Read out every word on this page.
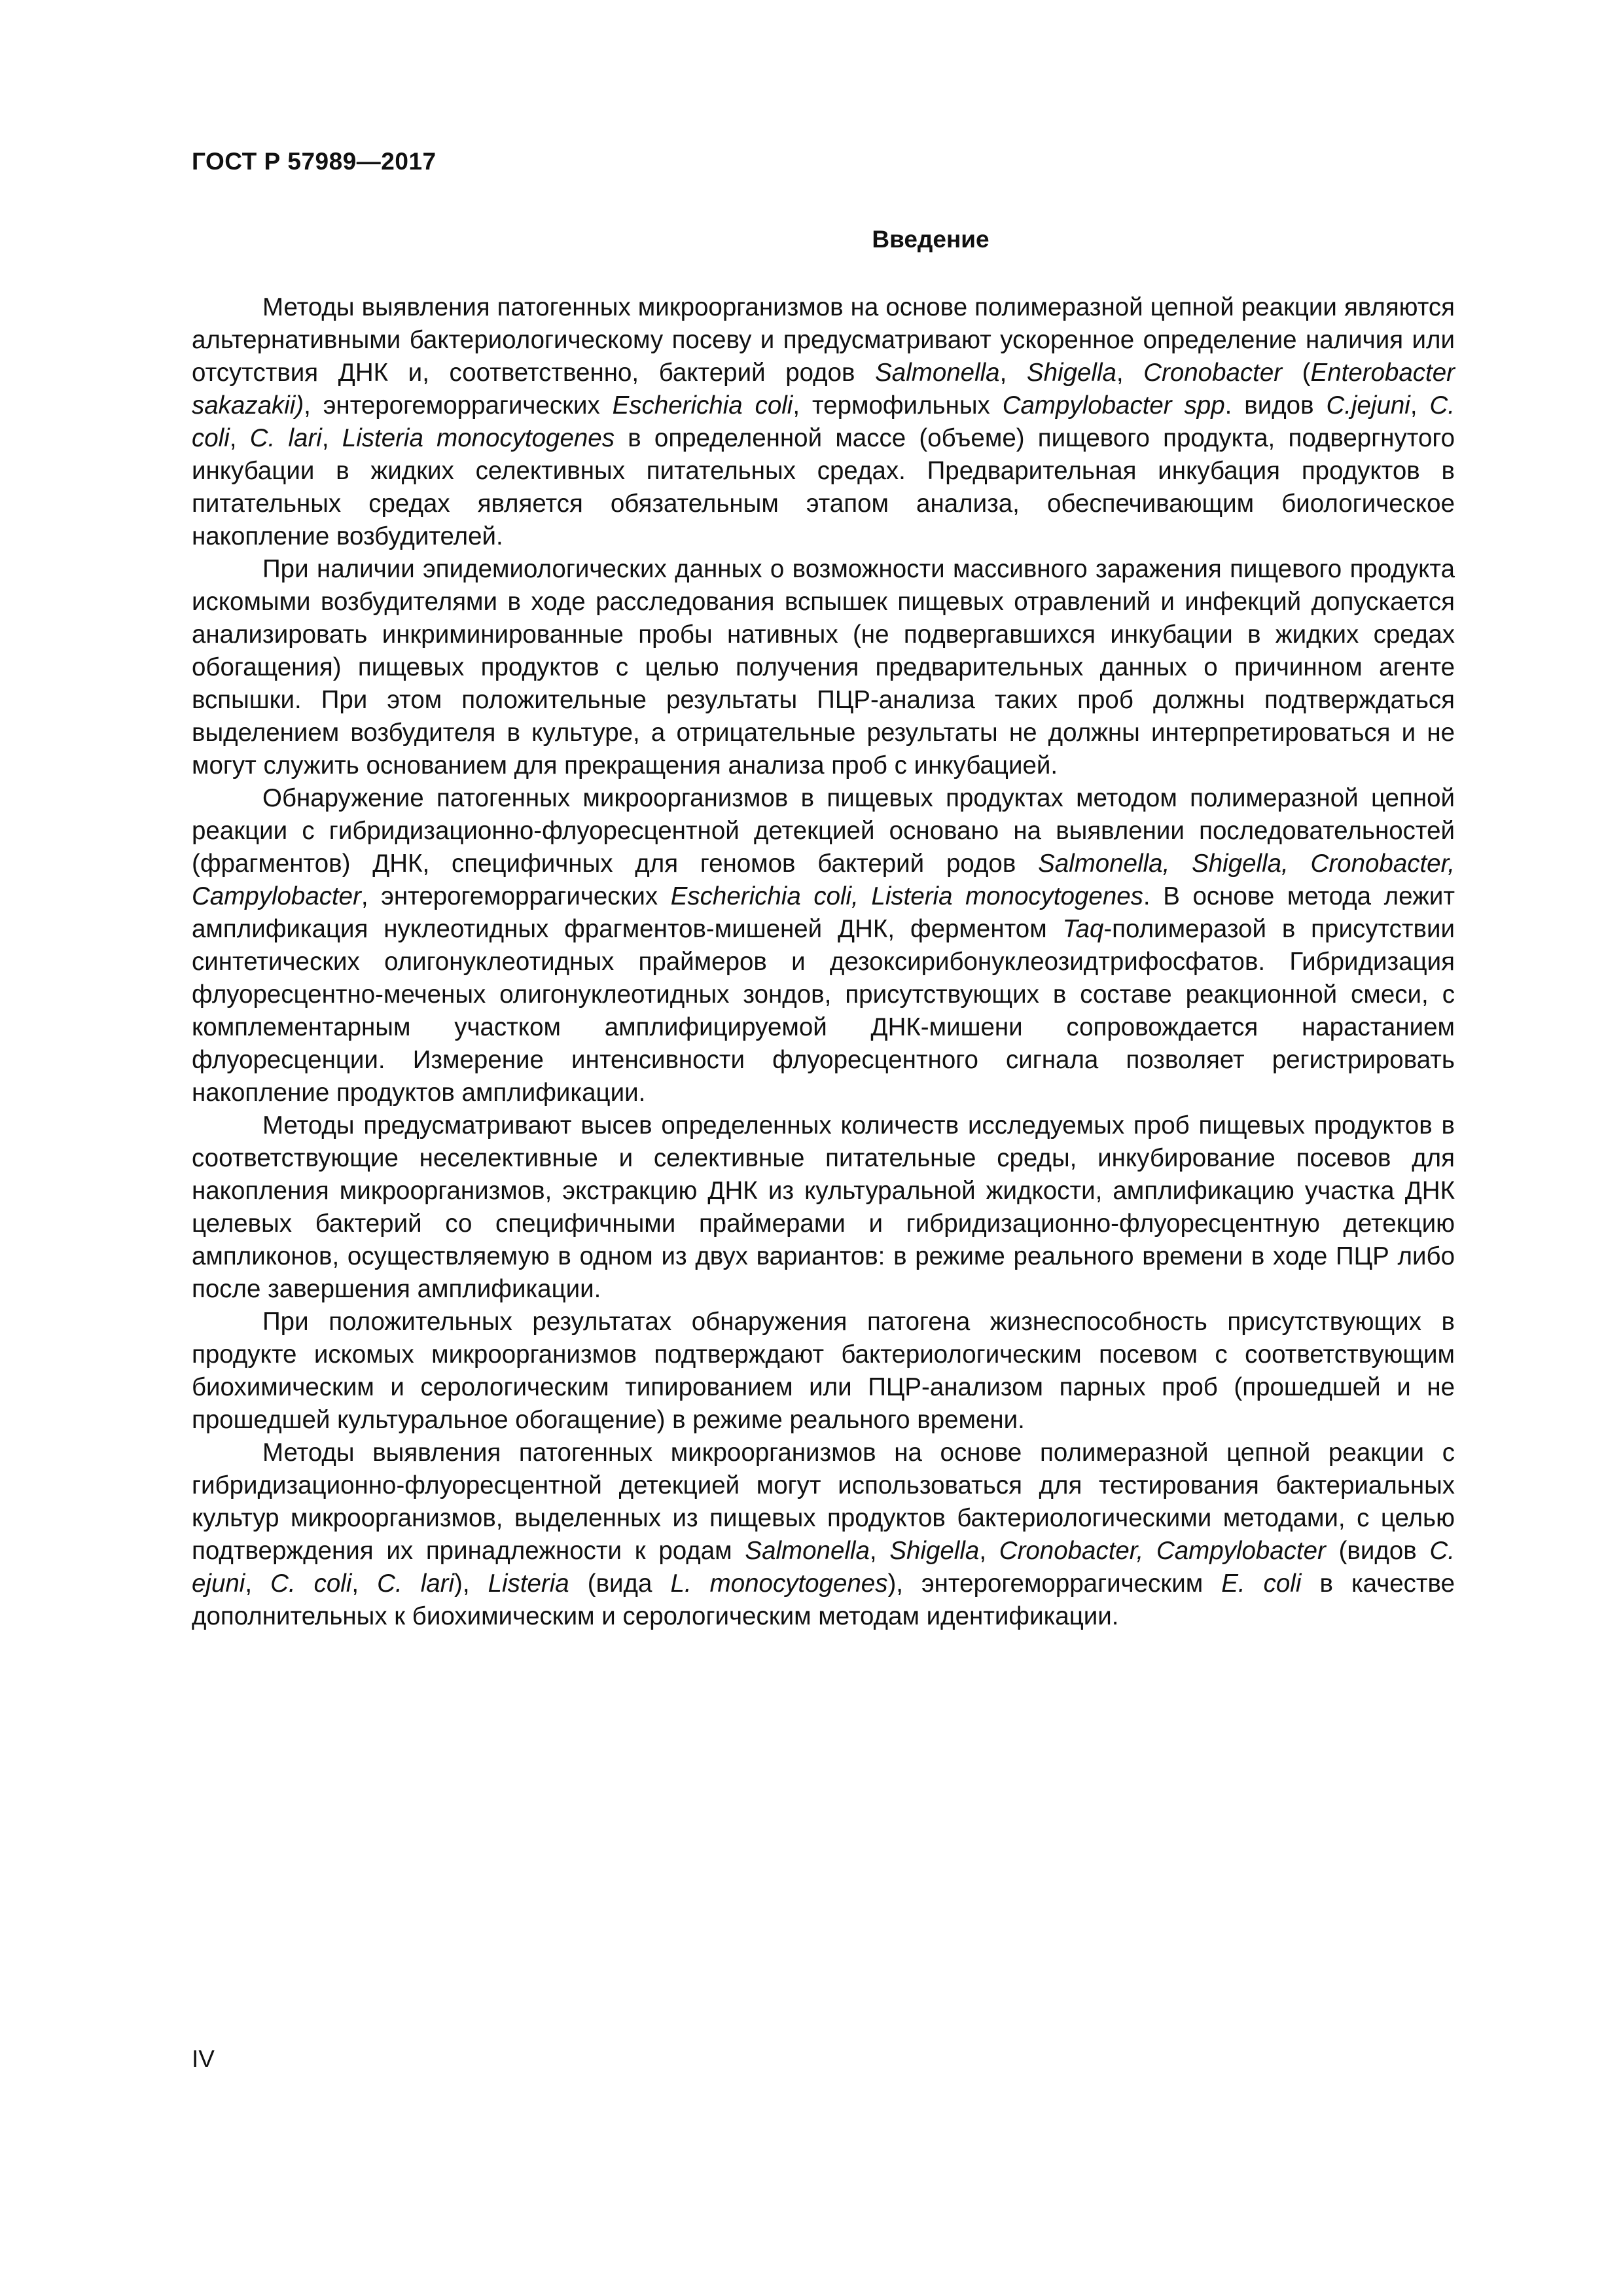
ГОСТ Р 57989—2017
Введение

Методы выявления патогенных микроорганизмов на основе полимеразной цепной реакции являются альтернативными бактериологическому посеву и предусматривают ускоренное определение наличия или отсутствия ДНК и, соответственно, бактерий родов Salmonella, Shigella, Cronobacter (Enterobacter sakazakii), энтерогеморрагических Escherichia coli, термофильных Campylobacter spp. видов C.jejuni, C. coli, C. lari, Listeria monocytogenes в определенной массе (объеме) пищевого продукта, подвергнутого инкубации в жидких селективных питательных средах. Предварительная инкубация продуктов в питательных средах является обязательным этапом анализа, обеспечивающим биологическое накопление возбудителей.

При наличии эпидемиологических данных о возможности массивного заражения пищевого продукта искомыми возбудителями в ходе расследования вспышек пищевых отравлений и инфекций допускается анализировать инкриминированные пробы нативных (не подвергавшихся инкубации в жидких средах обогащения) пищевых продуктов с целью получения предварительных данных о причинном агенте вспышки. При этом положительные результаты ПЦР-анализа таких проб должны подтверждаться выделением возбудителя в культуре, а отрицательные результаты не должны интерпретироваться и не могут служить основанием для прекращения анализа проб с инкубацией.

Обнаружение патогенных микроорганизмов в пищевых продуктах методом полимеразной цепной реакции с гибридизационно-флуоресцентной детекцией основано на выявлении последовательностей (фрагментов) ДНК, специфичных для геномов бактерий родов Salmonella, Shigella, Cronobacter, Campylobacter, энтерогеморрагических Escherichia coli, Listeria monocytogenes. В основе метода лежит амплификация нуклеотидных фрагментов-мишеней ДНК, ферментом Taq-полимеразой в присутствии синтетических олигонуклеотидных праймеров и дезоксирибонуклеозидтрифосфатов. Гибридизация флуоресцентно-меченых олигонуклеотидных зондов, присутствующих в составе реакционной смеси, с комплементарным участком амплифицируемой ДНК-мишени сопровождается нарастанием флуоресценции. Измерение интенсивности флуоресцентного сигнала позволяет регистрировать накопление продуктов амплификации.

Методы предусматривают высев определенных количеств исследуемых проб пищевых продуктов в соответствующие неселективные и селективные питательные среды, инкубирование посевов для накопления микроорганизмов, экстракцию ДНК из культуральной жидкости, амплификацию участка ДНК целевых бактерий со специфичными праймерами и гибридизационно-флуоресцентную детекцию ампликонов, осуществляемую в одном из двух вариантов: в режиме реального времени в ходе ПЦР либо после завершения амплификации.

При положительных результатах обнаружения патогена жизнеспособность присутствующих в продукте искомых микроорганизмов подтверждают бактериологическим посевом с соответствующим биохимическим и серологическим типированием или ПЦР-анализом парных проб (прошедшей и не прошедшей культуральное обогащение) в режиме реального времени.

Методы выявления патогенных микроорганизмов на основе полимеразной цепной реакции с гибридизационно-флуоресцентной детекцией могут использоваться для тестирования бактериальных культур микроорганизмов, выделенных из пищевых продуктов бактериологическими методами, с целью подтверждения их принадлежности к родам Salmonella, Shigella, Cronobacter, Campylobacter (видов C. ejuni, C. coli, C. lari), Listeria (вида L. monocytogenes), энтерогеморрагическим E. coli в качестве дополнительных к биохимическим и серологическим методам идентификации.

IV
